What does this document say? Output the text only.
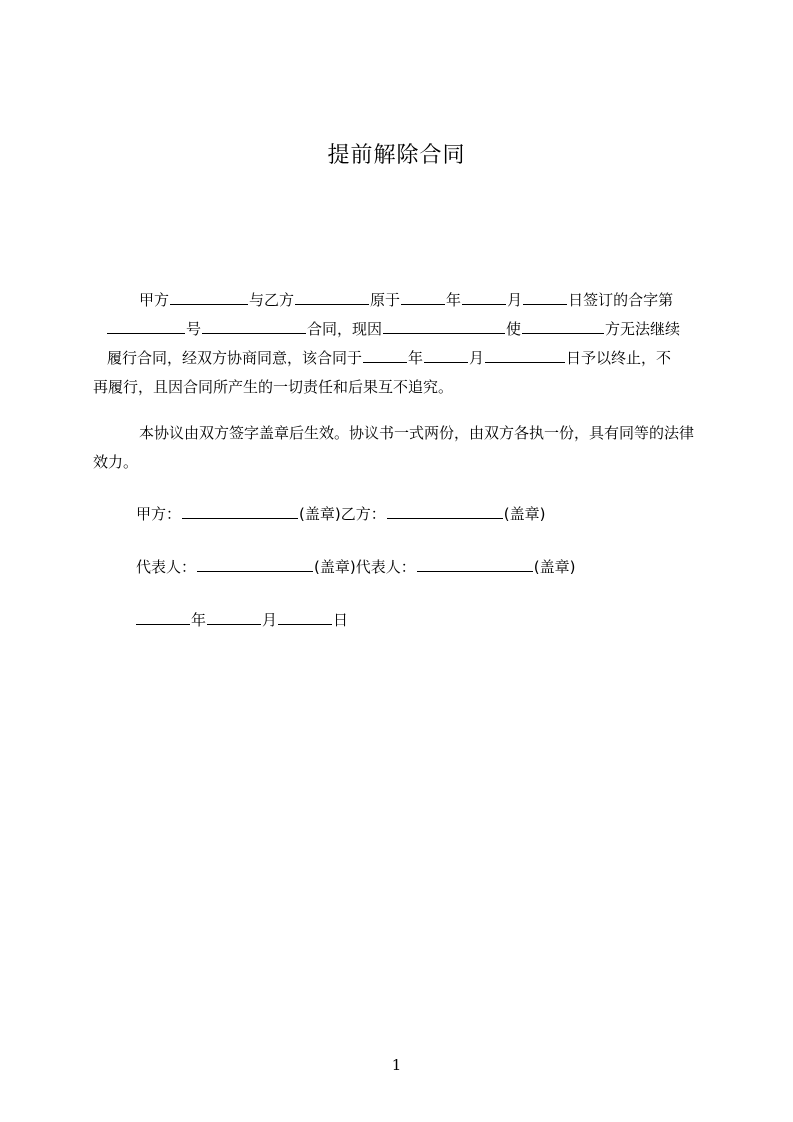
提前解除合同

甲方	与乙方	原于	年	月	日签订的合字第

号	合同，现因	使	方无法继续

履行合同，经双方协商同意，该合同于	年	月	日予以终止，不

再履行，且因合同所产生的一切责任和后果互不追究。

本协议由双方签字盖章后生效。协议书一式两份，由双方各执一份，具有同等的法律效力。

甲方：	(盖章)乙方：	(盖章)
代表人：	(盖章)代表人：	(盖章)
年	月	日
1
